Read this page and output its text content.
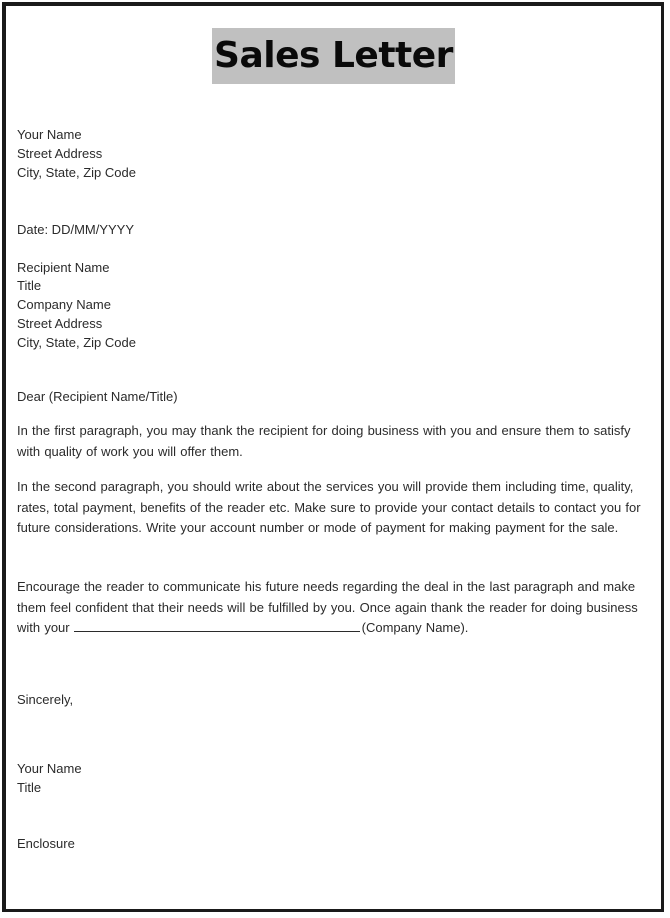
Sales Letter
Your Name
Street Address
City, State, Zip Code
Date: DD/MM/YYYY
Recipient Name
Title
Company Name
Street Address
City, State, Zip Code
Dear (Recipient Name/Title)
In the first paragraph, you may thank the recipient for doing business with you and ensure them to satisfy with quality of work you will offer them.
In the second paragraph, you should write about the services you will provide them including time, quality, rates, total payment, benefits of the reader etc. Make sure to provide your contact details to contact you for future considerations. Write your account number or mode of payment for making payment for the sale.
Encourage the reader to communicate his future needs regarding the deal in the last paragraph and make them feel confident that their needs will be fulfilled by you. Once again thank the reader for doing business with your	(Company Name).
Sincerely,
Your Name
Title
Enclosure
